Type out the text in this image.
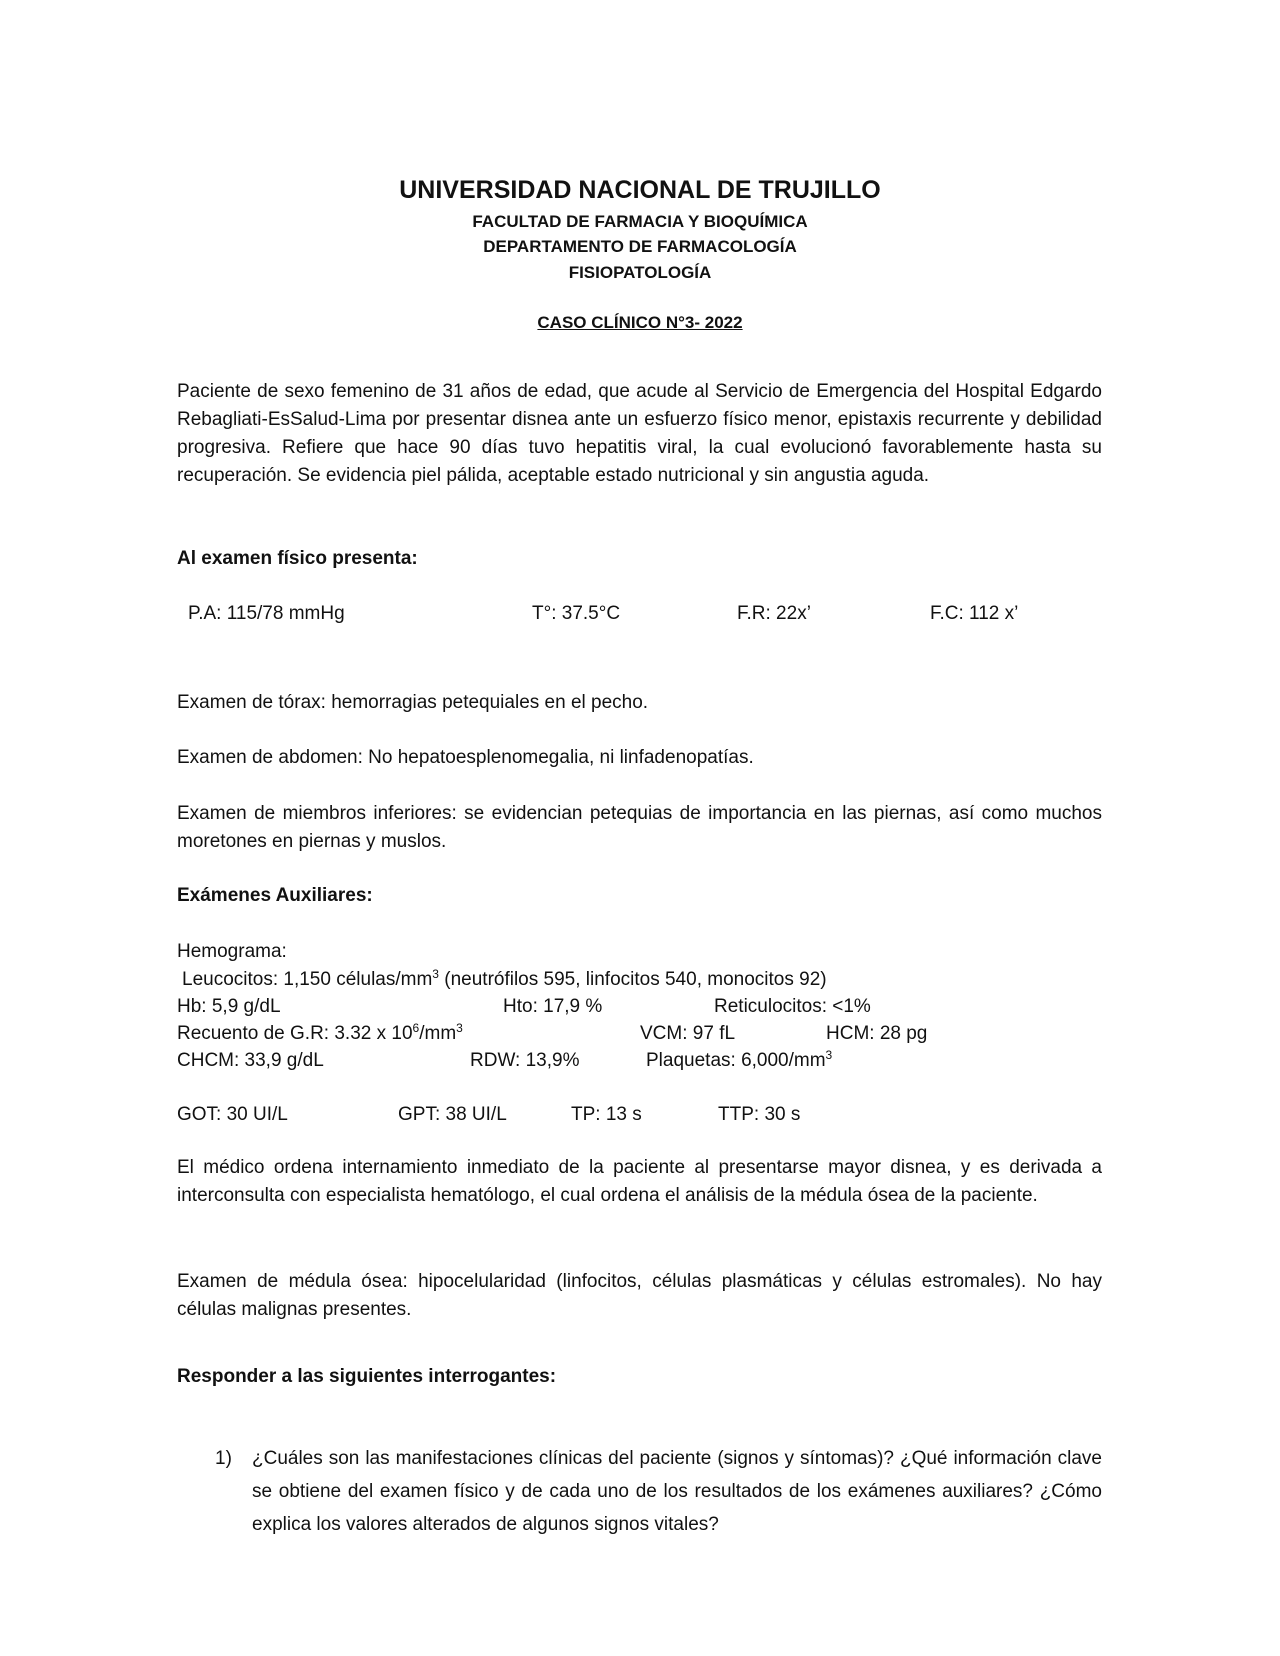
UNIVERSIDAD NACIONAL DE TRUJILLO
FACULTAD DE FARMACIA Y BIOQUÍMICA
DEPARTAMENTO DE FARMACOLOGÍA
FISIOPATOLOGÍA
CASO CLÍNICO N°3- 2022

Paciente de sexo femenino de 31 años de edad, que acude al Servicio de Emergencia del Hospital Edgardo Rebagliati-EsSalud-Lima por presentar disnea ante un esfuerzo físico menor, epistaxis recurrente y debilidad progresiva. Refiere que hace 90 días tuvo hepatitis viral, la cual evolucionó favorablemente hasta su recuperación. Se evidencia piel pálida, aceptable estado nutricional y sin angustia aguda.

Al examen físico presenta:

P.A: 115/78 mmHg	T°: 37.5°C	F.R: 22x’	F.C: 112 x’
Examen de tórax: hemorragias petequiales en el pecho.
Examen de abdomen: No hepatoesplenomegalia, ni linfadenopatías.

Examen de miembros inferiores: se evidencian petequias de importancia en las piernas, así como muchos moretones en piernas y muslos.

Exámenes Auxiliares:

Hemograma:
Leucocitos: 1,150 células/$mm^3$ (neutrófilos 595, linfocitos 540, monocitos 92)
Hb: 5,9 g/dL	Hto: 17,9 %	Reticulocitos: <1%
Recuento de G.R: 3.32 x $10^6/mm^3$	VCM: 97 fL	HCM: 28 pg
CHCM: 33,9 g/dL	RDW: 13,9%	Plaquetas: $6,000/mm^3$
GOT: 30 UI/L	GPT: 38 UI/L	TP: 13 s	TTP: 30 s

El médico ordena internamiento inmediato de la paciente al presentarse mayor disnea, y es derivada a interconsulta con especialista hematólogo, el cual ordena el análisis de la médula ósea de la paciente.

Examen de médula ósea: hipocelularidad (linfocitos, células plasmáticas y células estromales). No hay células malignas presentes.

Responder a las siguientes interrogantes:

1) ¿Cuáles son las manifestaciones clínicas del paciente (signos y síntomas)? ¿Qué información clave se obtiene del examen físico y de cada uno de los resultados de los exámenes auxiliares? ¿Cómo explica los valores alterados de algunos signos vitales?
